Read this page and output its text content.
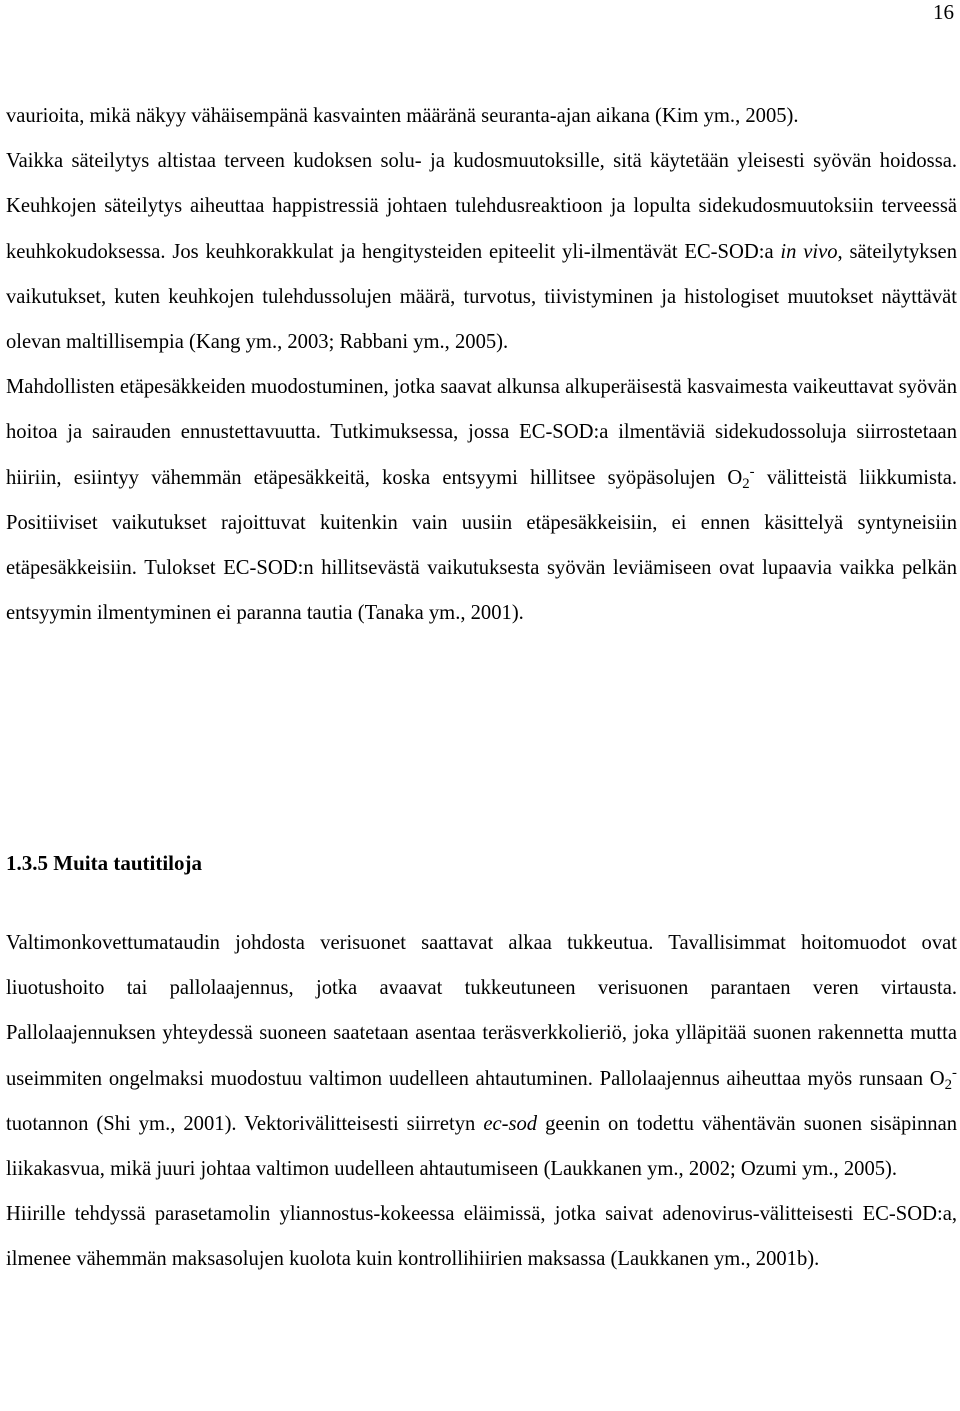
16

vaurioita, mikä näkyy vähäisempänä kasvainten määränä seuranta-ajan aikana (Kim ym., 2005).

Vaikka säteilytys altistaa terveen kudoksen solu- ja kudosmuutoksille, sitä käytetään yleisesti syövän hoidossa. Keuhkojen säteilytys aiheuttaa happistressiä johtaen tulehdusreaktioon ja lopulta sidekudosmuutoksiin terveessä keuhkokudoksessa. Jos keuhkorakkulat ja hengitysteiden epiteelit yli-ilmentävät EC-SOD:a in vivo, säteilytyksen vaikutukset, kuten keuhkojen tulehdussolujen määrä, turvotus, tiivistyminen ja histologiset muutokset näyttävät olevan maltillisempia (Kang ym., 2003; Rabbani ym., 2005).

Mahdollisten etäpesäkkeiden muodostuminen, jotka saavat alkunsa alkuperäisestä kasvaimesta vaikeuttavat syövän hoitoa ja sairauden ennustettavuutta. Tutkimuksessa, jossa EC-SOD:a ilmentäviä sidekudossoluja siirrostetaan hiiriin, esiintyy vähemmän etäpesäkkeitä, koska entsyymi hillitsee syöpäsolujen $O_2^-$ välitteistä liikkumista. Positiiviset vaikutukset rajoittuvat kuitenkin vain uusiin etäpesäkkeisiin, ei ennen käsittelyä syntyneisiin etäpesäkkeisiin. Tulokset EC-SOD:n hillitsevästä vaikutuksesta syövän leviämiseen ovat lupaavia vaikka pelkän entsyymin ilmentyminen ei paranna tautia (Tanaka ym., 2001).

1.3.5 Muita tautitiloja

Valtimonkovettumataudin johdosta verisuonet saattavat alkaa tukkeutua. Tavallisimmat hoitomuodot ovat liuotushoito tai pallolaajennus, jotka avaavat tukkeutuneen verisuonen parantaen veren virtausta. Pallolaajennuksen yhteydessä suoneen saatetaan asentaa teräsverkkolieriö, joka ylläpitää suonen rakennetta mutta useimmiten ongelmaksi muodostuu valtimon uudelleen ahtautuminen. Pallolaajennus aiheuttaa myös runsaan $O_2^-$ tuotannon (Shi ym., 2001). Vektorivälitteisesti siirretyn ec-sod geenin on todettu vähentävän suonen sisäpinnan liikakasvua, mikä juuri johtaa valtimon uudelleen ahtautumiseen (Laukkanen ym., 2002; Ozumi ym., 2005).

Hiirille tehdyssä parasetamolin yliannostus-kokeessa eläimissä, jotka saivat adenovirus-välitteisesti EC-SOD:a, ilmenee vähemmän maksasolujen kuolota kuin kontrollihiirien maksassa (Laukkanen ym., 2001b).
